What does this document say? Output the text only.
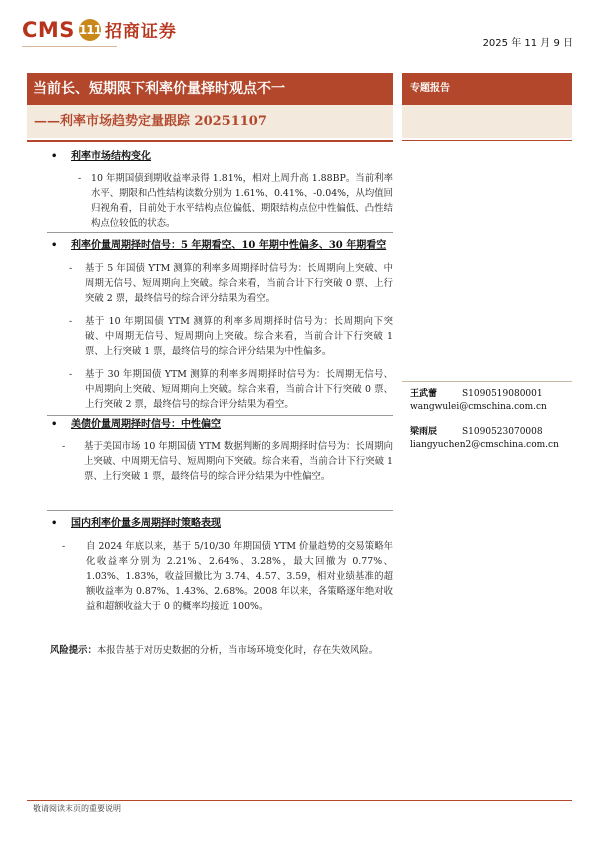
CMS 111 招商证券
2025 年 11 月 9 日
当前长、短期限下利率价量择时观点不一
——利率市场趋势定量跟踪 20251107
专题报告
• 利率市场结构变化
- 10 年期国债到期收益率录得 1.81%，相对上周升高 1.88BP。当前利率水平、期限和凸性结构读数分别为 1.61%、0.41%、-0.04%，从均值回归视角看，目前处于水平结构点位偏低、期限结构点位中性偏低、凸性结构点位较低的状态。
• 利率价量周期择时信号：5 年期看空、10 年期中性偏多、30 年期看空
- 基于 5 年国债 YTM 测算的利率多周期择时信号为：长周期向上突破、中周期无信号、短周期向上突破。综合来看，当前合计下行突破 0 票、上行突破 2 票，最终信号的综合评分结果为看空。
- 基于 10 年期国债 YTM 测算的利率多周期择时信号为：长周期向下突破、中周期无信号、短周期向上突破。综合来看，当前合计下行突破 1 票、上行突破 1 票，最终信号的综合评分结果为中性偏多。
- 基于 30 年期国债 YTM 测算的利率多周期择时信号为：长周期无信号、中周期向上突破、短周期向上突破。综合来看，当前合计下行突破 0 票、上行突破 2 票，最终信号的综合评分结果为看空。
• 美债价量周期择时信号：中性偏空
- 基于美国市场 10 年期国债 YTM 数据判断的多周期择时信号为：长周期向上突破、中周期无信号、短周期向下突破。综合来看，当前合计下行突破 1 票、上行突破 1 票，最终信号的综合评分结果为中性偏空。
• 国内利率价量多周期择时策略表现
- 自 2024 年底以来，基于 5/10/30 年期国债 YTM 价量趋势的交易策略年化收益率分别为 2.21%、2.64%、3.28%，最大回撤为 0.77%、1.03%、1.83%，收益回撤比为 3.74、4.57、3.59，相对业绩基准的超额收益率为 0.87%、1.43%、2.68%。2008 年以来，各策略逐年绝对收益和超额收益大于 0 的概率均接近 100%。
王武蕾	S1090519080001
wangwulei@cmschina.com.cn
梁雨辰	S1090523070008
liangyuchen2@cmschina.com.cn
风险提示：本报告基于对历史数据的分析，当市场环境变化时，存在失效风险。
敬请阅读末页的重要说明
